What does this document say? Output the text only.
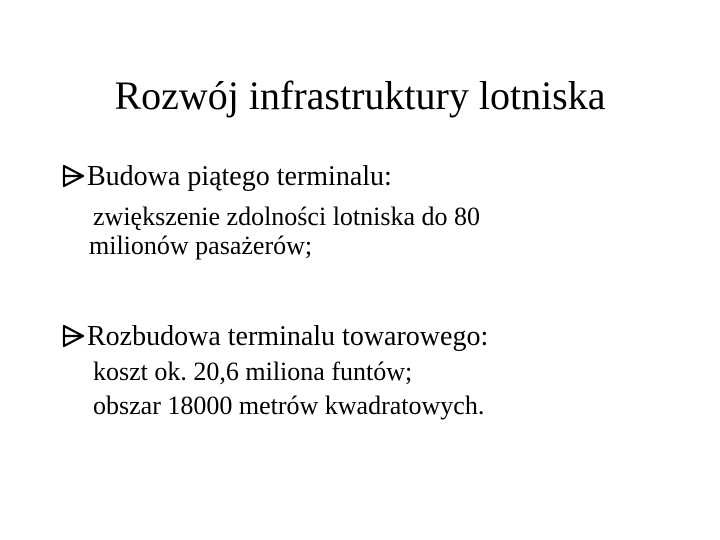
Rozwój infrastruktury lotniska
Budowa piątego terminalu:
zwiększenie zdolności lotniska do 80
milionów pasażerów;
Rozbudowa terminalu towarowego:
koszt ok. 20,6 miliona funtów;
obszar 18000 metrów kwadratowych.
